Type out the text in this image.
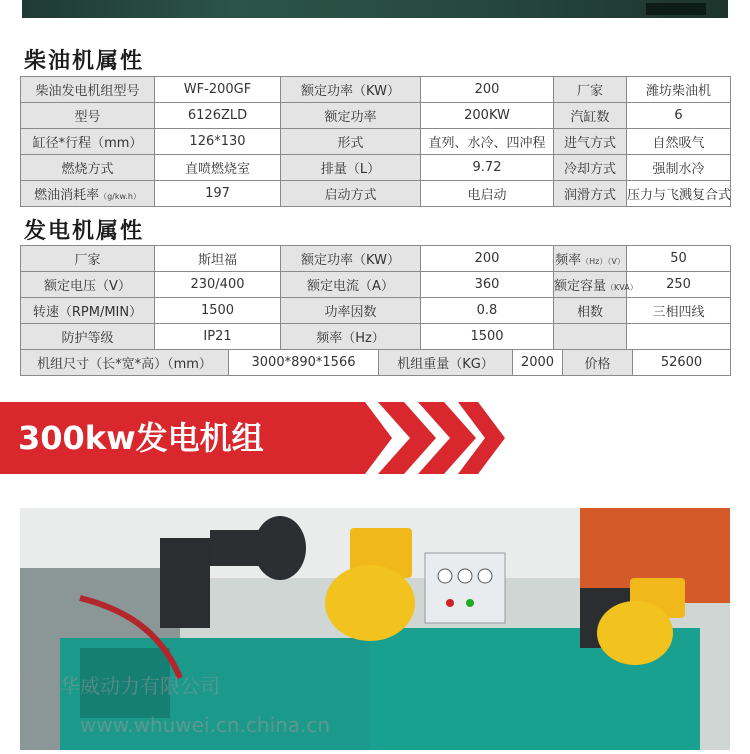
柴油机属性
柴油发电机组型号	WF-200GF	额定功率（KW）	200	厂家	潍坊柴油机
型号	6126ZLD	额定功率	200KW	汽缸数	6
缸径*行程（mm）	126*130	形式	直列、水冷、四冲程	进气方式	自然吸气
燃烧方式	直喷燃烧室	排量（L）	9.72	冷却方式	强制水冷
燃油消耗率（g/kw.h）	197	启动方式	电启动	润滑方式	压力与飞溅复合式
发电机属性
厂家	斯坦福	额定功率（KW）	200	频率（Hz）（V）	50
额定电压（V）	230/400	额定电流（A）	360	额定容量（KVA）	250
转速（RPM/MIN）	1500	功率因数	0.8	相数	三相四线
防护等级	IP21	频率（Hz）	1500		
机组尺寸（长*宽*高）（mm）	3000*890*1566	机组重量（KG）	2000	价格	52600
300kw发电机组
山东华威动力有限公司
www.whuwei.cn.china.cn
